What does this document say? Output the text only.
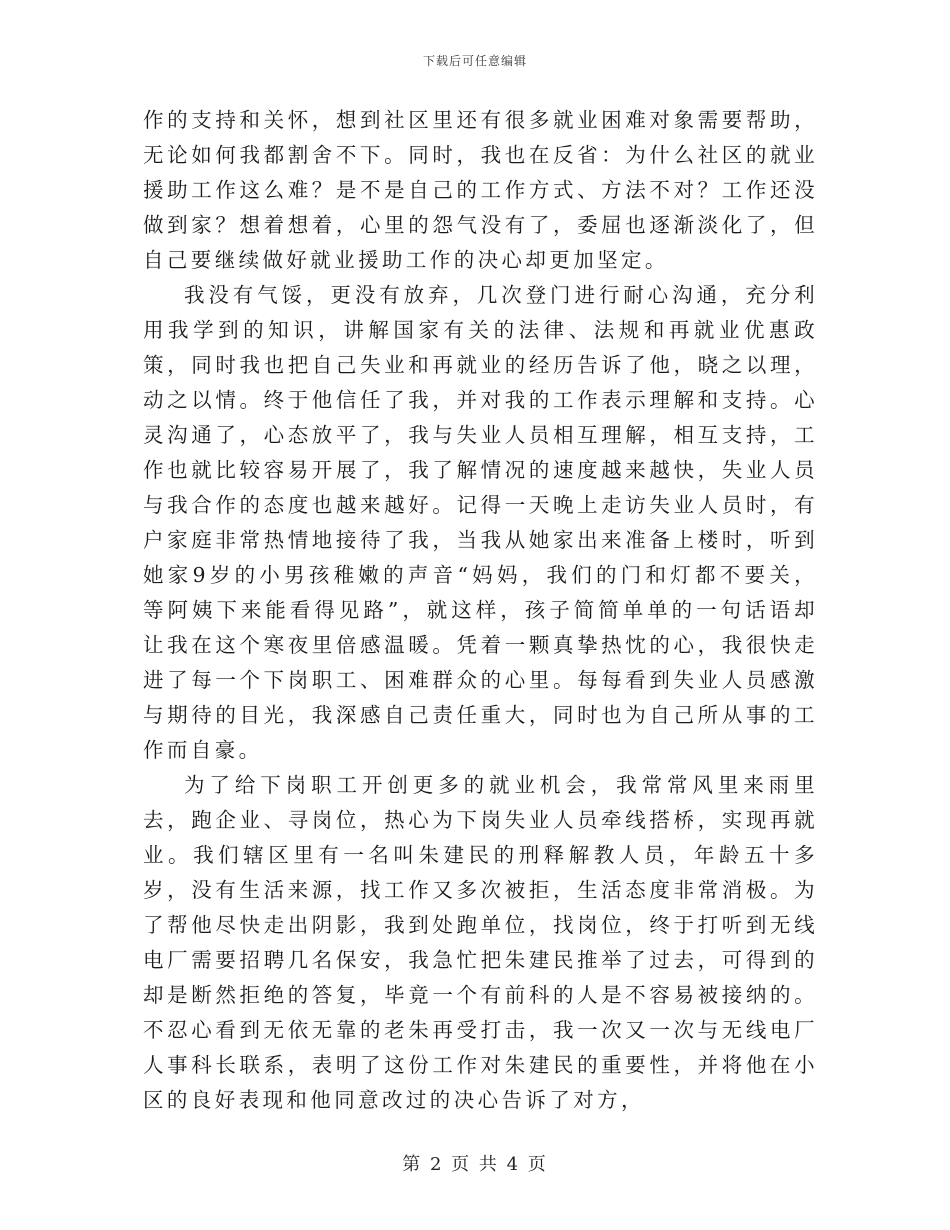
下载后可任意编辑

作的支持和关怀，想到社区里还有很多就业困难对象需要帮助，无论如何我都割舍不下。同时，我也在反省：为什么社区的就业援助工作这么难？是不是自己的工作方式、方法不对？工作还没做到家？想着想着，心里的怨气没有了，委屈也逐渐淡化了，但自己要继续做好就业援助工作的决心却更加坚定。

我没有气馁，更没有放弃，几次登门进行耐心沟通，充分利用我学到的知识，讲解国家有关的法律、法规和再就业优惠政策，同时我也把自己失业和再就业的经历告诉了他，晓之以理，动之以情。终于他信任了我，并对我的工作表示理解和支持。心灵沟通了，心态放平了，我与失业人员相互理解，相互支持，工作也就比较容易开展了，我了解情况的速度越来越快，失业人员与我合作的态度也越来越好。记得一天晚上走访失业人员时，有户家庭非常热情地接待了我，当我从她家出来准备上楼时，听到她家9岁的小男孩稚嫩的声音“妈妈，我们的门和灯都不要关，等阿姨下来能看得见路”，就这样，孩子简简单单的一句话语却让我在这个寒夜里倍感温暖。凭着一颗真挚热忱的心，我很快走进了每一个下岗职工、困难群众的心里。每每看到失业人员感激与期待的目光，我深感自己责任重大，同时也为自己所从事的工作而自豪。

为了给下岗职工开创更多的就业机会，我常常风里来雨里去，跑企业、寻岗位，热心为下岗失业人员牵线搭桥，实现再就业。我们辖区里有一名叫朱建民的刑释解教人员，年龄五十多岁，没有生活来源，找工作又多次被拒，生活态度非常消极。为了帮他尽快走出阴影，我到处跑单位，找岗位，终于打听到无线电厂需要招聘几名保安，我急忙把朱建民推举了过去，可得到的却是断然拒绝的答复，毕竟一个有前科的人是不容易被接纳的。不忍心看到无依无靠的老朱再受打击，我一次又一次与无线电厂人事科长联系，表明了这份工作对朱建民的重要性，并将他在小区的良好表现和他同意改过的决心告诉了对方，

第 2 页 共 4 页
